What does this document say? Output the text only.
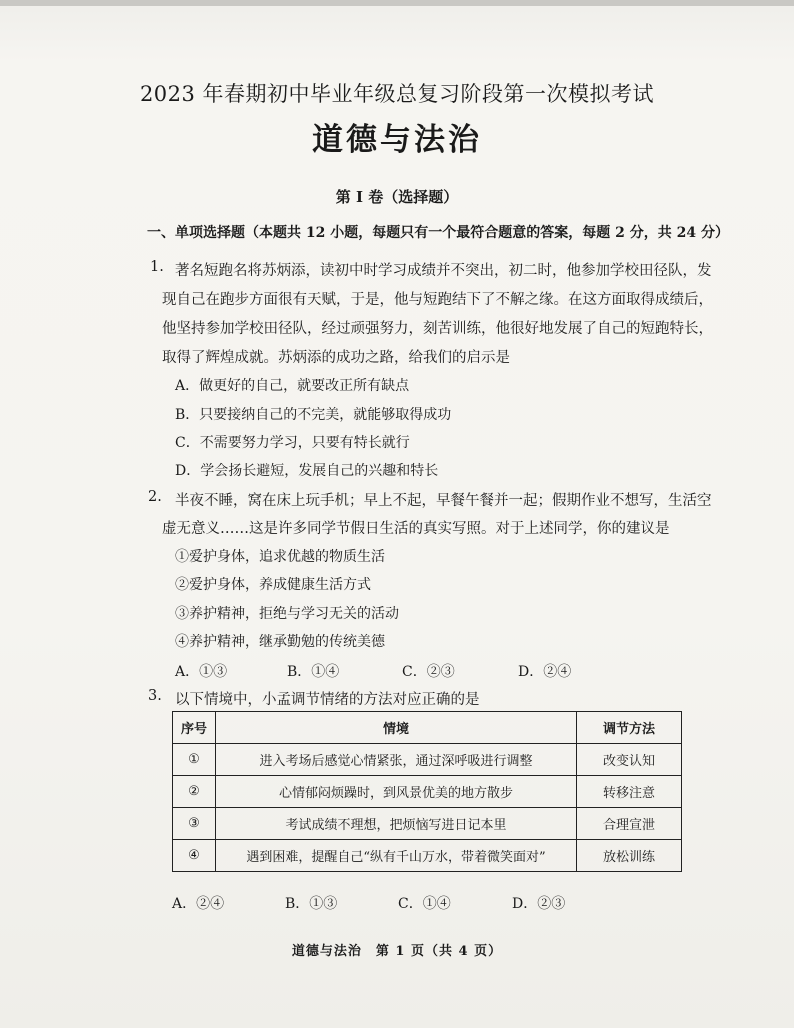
2023 年春期初中毕业年级总复习阶段第一次模拟考试
道德与法治
第 Ⅰ 卷（选择题）
一、单项选择题（本题共 12 小题，每题只有一个最符合题意的答案，每题 2 分，共 24 分）
1. 著名短跑名将苏炳添，读初中时学习成绩并不突出，初二时，他参加学校田径队，发
现自己在跑步方面很有天赋，于是，他与短跑结下了不解之缘。在这方面取得成绩后，
他坚持参加学校田径队，经过顽强努力，刻苦训练，他很好地发展了自己的短跑特长，
取得了辉煌成就。苏炳添的成功之路，给我们的启示是
A．做更好的自己，就要改正所有缺点
B．只要接纳自己的不完美，就能够取得成功
C．不需要努力学习，只要有特长就行
D．学会扬长避短，发展自己的兴趣和特长
2. 半夜不睡，窝在床上玩手机；早上不起，早餐午餐并一起；假期作业不想写，生活空
虚无意义……这是许多同学节假日生活的真实写照。对于上述同学，你的建议是
①爱护身体，追求优越的物质生活
②爱护身体，养成健康生活方式
③养护精神，拒绝与学习无关的活动
④养护精神，继承勤勉的传统美德
A．①③	B．①④	C．②③	D．②④
3. 以下情境中，小孟调节情绪的方法对应正确的是
序号	情境	调节方法
①	进入考场后感觉心情紧张，通过深呼吸进行调整	改变认知
②	心情郁闷烦躁时，到风景优美的地方散步	转移注意
③	考试成绩不理想，把烦恼写进日记本里	合理宣泄
④	遇到困难，提醒自己“纵有千山万水，带着微笑面对”	放松训练
A．②④	B．①③	C．①④	D．②③
道德与法治　第 1 页（共 4 页）
